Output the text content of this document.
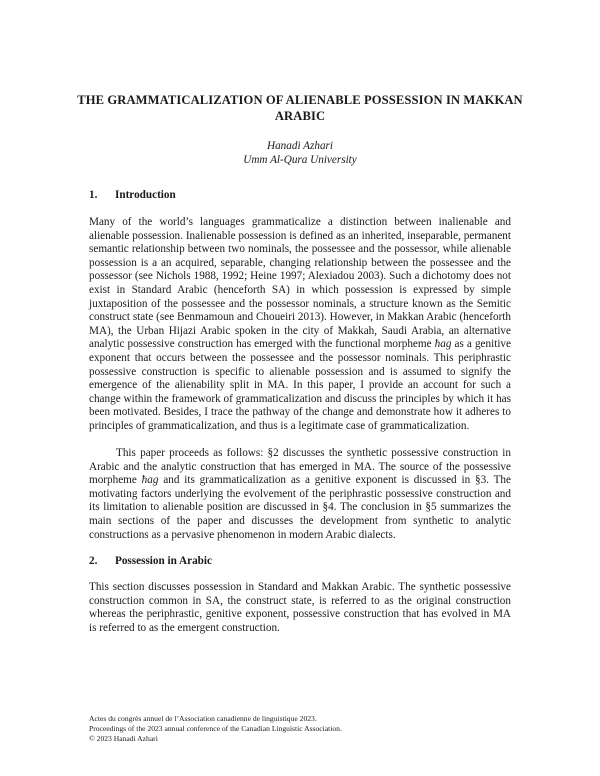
THE GRAMMATICALIZATION OF ALIENABLE POSSESSION IN MAKKAN ARABIC
Hanadi Azhari
Umm Al-Qura University
1. Introduction

Many of the world’s languages grammaticalize a distinction between inalienable and alienable possession. Inalienable possession is defined as an inherited, inseparable, permanent semantic relationship between two nominals, the possessee and the possessor, while alienable possession is a an acquired, separable, changing relationship between the possessee and the possessor (see Nichols 1988, 1992; Heine 1997; Alexiadou 2003). Such a dichotomy does not exist in Standard Arabic (henceforth SA) in which possession is expressed by simple juxtaposition of the possessee and the possessor nominals, a structure known as the Semitic construct state (see Benmamoun and Choueiri 2013). However, in Makkan Arabic (henceforth MA), the Urban Hijazi Arabic spoken in the city of Makkah, Saudi Arabia, an alternative analytic possessive construction has emerged with the functional morpheme ħag as a genitive exponent that occurs between the possessee and the possessor nominals. This periphrastic possessive construction is specific to alienable possession and is assumed to signify the emergence of the alienability split in MA. In this paper, I provide an account for such a change within the framework of grammaticalization and discuss the principles by which it has been motivated. Besides, I trace the pathway of the change and demonstrate how it adheres to principles of grammaticalization, and thus is a legitimate case of grammaticalization.

This paper proceeds as follows: §2 discusses the synthetic possessive construction in Arabic and the analytic construction that has emerged in MA. The source of the possessive morpheme ħag and its grammaticalization as a genitive exponent is discussed in §3. The motivating factors underlying the evolvement of the periphrastic possessive construction and its limitation to alienable position are discussed in §4. The conclusion in §5 summarizes the main sections of the paper and discusses the development from synthetic to analytic constructions as a pervasive phenomenon in modern Arabic dialects.

2. Possession in Arabic

This section discusses possession in Standard and Makkan Arabic. The synthetic possessive construction common in SA, the construct state, is referred to as the original construction whereas the periphrastic, genitive exponent, possessive construction that has evolved in MA is referred to as the emergent construction.

Actes du congrès annuel de l’Association canadienne de linguistique 2023.
Proceedings of the 2023 annual conference of the Canadian Linguistic Association.
© 2023 Hanadi Azhari
